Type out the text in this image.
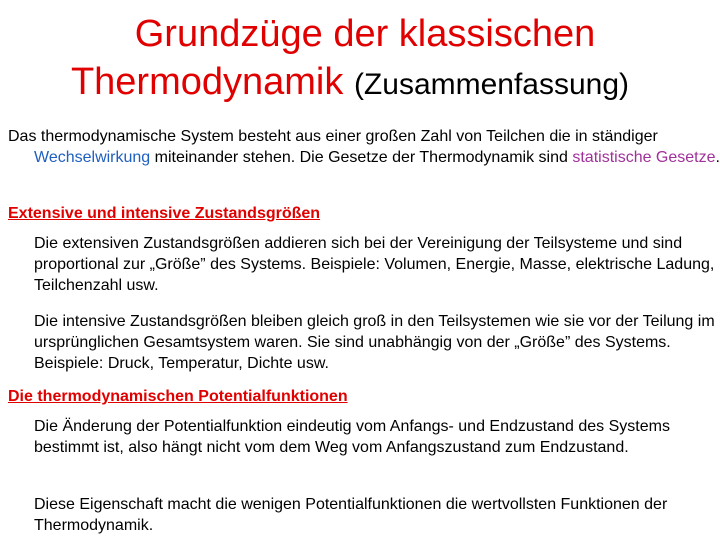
Grundzüge der klassischen
Thermodynamik (Zusammenfassung)
Das thermodynamische System besteht aus einer großen Zahl von Teilchen die in ständiger Wechselwirkung miteinander stehen. Die Gesetze der Thermodynamik sind statistische Gesetze.
Extensive und intensive Zustandsgrößen
Die extensiven Zustandsgrößen addieren sich bei der Vereinigung der Teilsysteme und sind proportional zur „Größe” des Systems. Beispiele: Volumen, Energie, Masse, elektrische Ladung, Teilchenzahl usw.
Die intensive Zustandsgrößen bleiben gleich groß in den Teilsystemen wie sie vor der Teilung im ursprünglichen Gesamtsystem waren. Sie sind unabhängig von der „Größe” des Systems. Beispiele: Druck, Temperatur, Dichte usw.
Die thermodynamischen Potentialfunktionen
Die Änderung der Potentialfunktion eindeutig vom Anfangs- und Endzustand des Systems bestimmt ist, also hängt nicht vom dem Weg vom Anfangszustand zum Endzustand.
Diese Eigenschaft macht die wenigen Potentialfunktionen die wertvollsten Funktionen der Thermodynamik.
